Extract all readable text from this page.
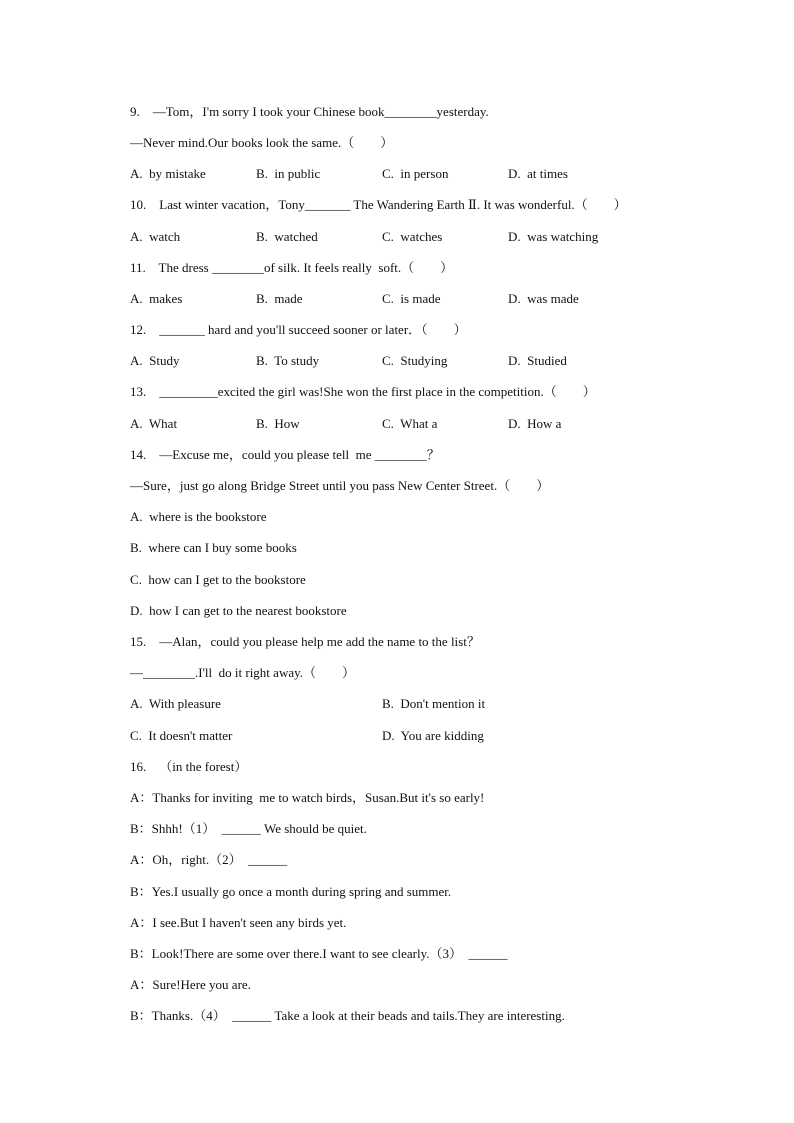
9.    —Tom，I'm sorry I took your Chinese book________yesterday.
—Never mind.Our books look the same.（        ）
A.  by mistake	B.  in public	C.  in person	D.  at times
10.    Last winter vacation，Tony_______ The Wandering Earth Ⅱ. It was wonderful.（        ）
A.  watch	B.  watched	C.  watches	D.  was watching
11.    The dress ________of silk. It feels really  soft.（        ）
A.  makes	B.  made	C.  is made	D.  was made
12.    _______ hard and you'll succeed sooner or later．（        ）
A.  Study	B.  To study	C.  Studying	D.  Studied
13.    _________excited the girl was!She won the first place in the competition.（        ）
A.  What	B.  How	C.  What a	D.  How a
14.    —Excuse me，could you please tell  me ________？
—Sure，just go along Bridge Street until you pass New Center Street.（        ）
A.  where is the bookstore
B.  where can I buy some books
C.  how can I get to the bookstore
D.  how I can get to the nearest bookstore
15.    —Alan，could you please help me add the name to the list？
—________.I'll  do it right away.（        ）
A.  With pleasure	B.  Don't mention it
C.  It doesn't matter	D.  You are kidding
16.    （in the forest）
A：Thanks for inviting  me to watch birds，Susan.But it's so early!
B：Shhh!（1）  ______ We should be quiet.
A：Oh，right.（2）  ______
B：Yes.I usually go once a month during spring and summer.
A：I see.But I haven't seen any birds yet.
B：Look!There are some over there.I want to see clearly.（3）  ______
A：Sure!Here you are.
B：Thanks.（4）  ______ Take a look at their beads and tails.They are interesting.
